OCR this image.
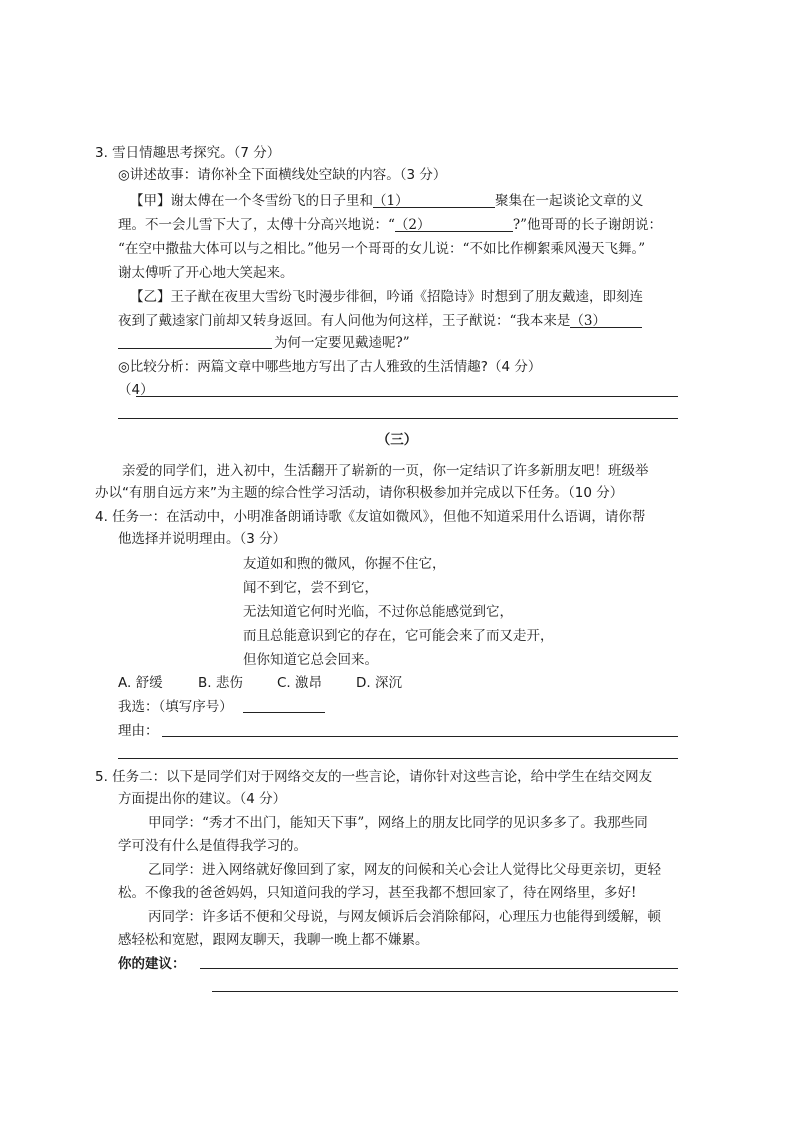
3. 雪日情趣思考探究。（7 分）
◎讲述故事：请你补全下面横线处空缺的内容。（3 分）
【甲】谢太傅在一个冬雪纷飞的日子里和（1）	聚集在一起谈论文章的义
理。不一会儿雪下大了，太傅十分高兴地说：“（2）	?”他哥哥的长子谢朗说：
“在空中撒盐大体可以与之相比。”他另一个哥哥的女儿说：“不如比作柳絮乘风漫天飞舞。”
谢太傅听了开心地大笑起来。
【乙】王子猷在夜里大雪纷飞时漫步徘徊，吟诵《招隐诗》时想到了朋友戴逵，即刻连
夜到了戴逵家门前却又转身返回。有人问他为何这样，王子猷说：“我本来是（3）
为何一定要见戴逵呢?”
◎比较分析：两篇文章中哪些地方写出了古人雅致的生活情趣?（4 分）
（4）
（三）
亲爱的同学们，进入初中，生活翻开了崭新的一页，你一定结识了许多新朋友吧！班级举
办以“有朋自远方来”为主题的综合性学习活动，请你积极参加并完成以下任务。（10 分）
4. 任务一：在活动中，小明准备朗诵诗歌《友谊如微风》，但他不知道采用什么语调，请你帮
他选择并说明理由。（3 分）
友道如和煦的微风，你握不住它，
闻不到它，尝不到它，
无法知道它何时光临，不过你总能感觉到它，
而且总能意识到它的存在，它可能会来了而又走开，
但你知道它总会回来。
A. 舒缓	B. 悲伤	C. 激昂	D. 深沉
我选：（填写序号）
理由：
5. 任务二：以下是同学们对于网络交友的一些言论，请你针对这些言论，给中学生在结交网友
方面提出你的建议。（4 分）
甲同学：“秀才不出门，能知天下事”，网络上的朋友比同学的见识多多了。我那些同
学可没有什么是值得我学习的。
乙同学：进入网络就好像回到了家，网友的问候和关心会让人觉得比父母更亲切，更轻
松。不像我的爸爸妈妈，只知道问我的学习，甚至我都不想回家了，待在网络里，多好!
丙同学：许多话不便和父母说，与网友倾诉后会消除郁闷，心理压力也能得到缓解，顿
感轻松和宽慰，跟网友聊天，我聊一晚上都不嫌累。
你的建议：
